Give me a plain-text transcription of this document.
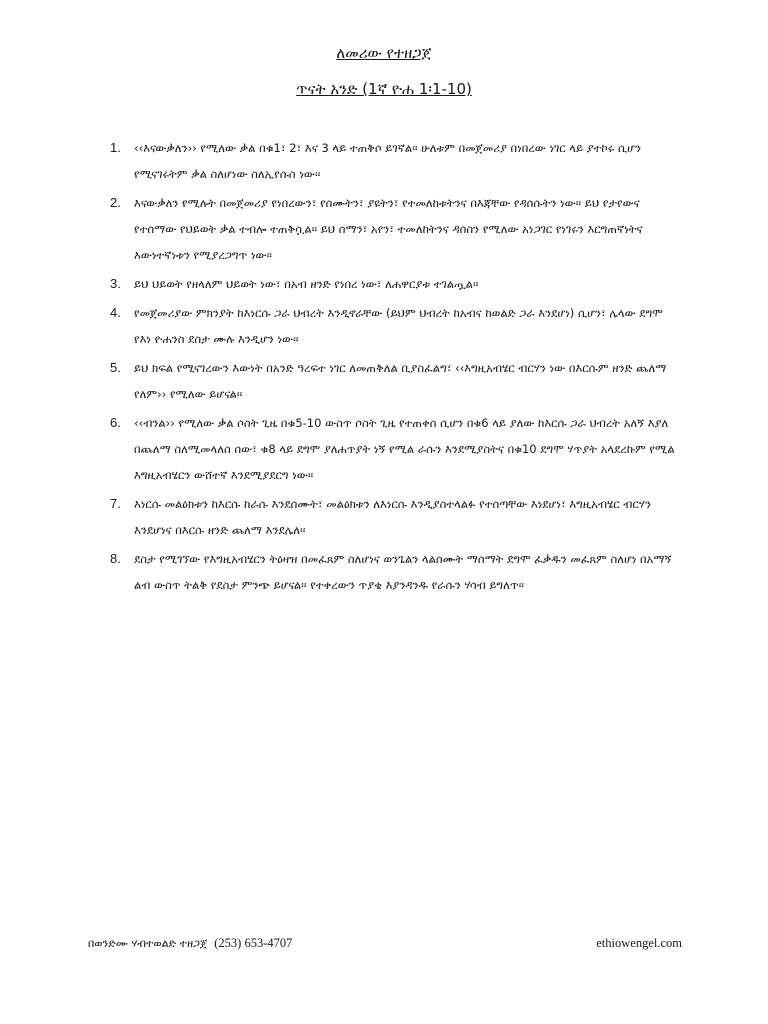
ለመሪው የተዘጋጀ
ጥናት አንድ (1ኛ ዮሐ 1፡1-10)
1. ‹‹እናውቃለን›› የሚለው ቃል በቁ1፣ 2፣ እና 3 ላይ ተጠቅሶ ይገኛል፡፡ ሁለቱም በመጀመሪያ በነበረው ነገር ላይ ያተኮሩ ሲሆን የሚናገሩትም ቃል ስለሆነው ስለኢየሱስ ነው፡፡
2. እናውቃለን የሚሉት በመጀመሪያ የነበረውን፣ የሰሙትን፣ ያዩትን፣ የተመለከቱትንና በእጃቸው የዳሰሱትን ነው፡፡ ይህ የታየውና የተሰማው የህይወት ቃል ተብሎ ተጠቅሷል፡፡ ይህ ሰማን፣ አየን፣ ተመለከትንና ዳሰስን የሚለው አነጋገር የነገሩን እርግጠኛነትና እውነተኛነቱን የሚያረጋግጥ ነው፡፡
3. ይህ ህይወት የዘላለም ህይወት ነው፣ በአብ ዘንድ የነበረ ነው፣ ለሐዋርያቱ ተገልጧል፡፡
4. የመጀመሪያው ምክንያት ከእነርሱ ጋራ ህብረት እንዲኖራቸው (ይህም ህብረት ከአብና ከወልድ ጋራ እንደሆነ) ሲሆን፣ ሌላው ደግሞ የእነ ዮሐንስ ደስታ ሙሉ እንዲሆን ነው፡፡
5. ይህ ክፍል የሚናገረውን እውነት በአንድ ዓረፍተ ነገር ለመጠቅለል ቢያስፈልግ፣ ‹‹እግዚአብሄር ብርሃን ነው በእርሱም ዘንድ ጨለማ የለም›› የሚለው ይሆናል፡፡
6. ‹‹ብንል›› የሚለው ቃል ሶስት ጊዜ በቁ5-10 ውስጥ ሶስት ጊዜ የተጠቀሰ ሲሆን በቁ6 ላይ ያለው ከእርሱ ጋራ ህብረት አለኝ እያለ በጨለማ ስለሚመላለስ ሰው፣ ቁ8 ላይ ደግሞ ያለሐጥያት ነኝ የሚል ራሱን እንደሚያስትና በቁ10 ደግሞ ሃጥያት አላደረኩም የሚል እግዚአብሄርን ውሸተኛ እንደሚያደርግ ነው፡፡
7. እነርሱ መልዕክቱን ከእርሱ ከራሱ እንደሰሙት፣ መልዕክቱን ለእነርሱ እንዲያስተላልፉ የተሰጣቸው እነደሆነ፣ እግዚአብሄር ብርሃን እንደሆነና በእርሱ ዘንድ ጨለማ እንደሌለ፡፡
8. ደስታ የሚገኘው የእግዚአብሄርን ትዕዛዝ በመፈጸም ስለሆነና ወንጌልን ላልሰሙት ማሰማት ደግሞ ፈቃዱን መፈጸም ስለሆነ በአማኝ ልብ ውስጥ ትልቅ የደስታ ምንጭ ይሆናል፡፡ የተቀረውን ጥያቄ እያንዳንዱ የራሱን ሃሳብ ይግለጥ፡፡
በወንድሙ ሃብተወልድ ተዘጋጀ (253) 653-4707	ethiowengel.com
